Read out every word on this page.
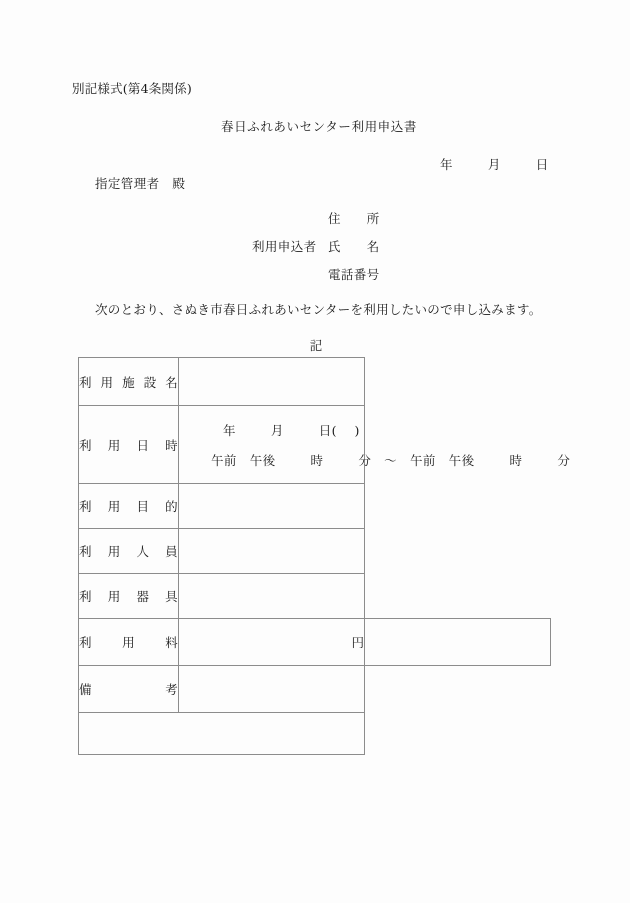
別記様式(第4条関係)
春日ふれあいセンター利用申込書
年        月        日
指定管理者　殿
住　　所
利用申込者 氏　　名
電話番号
次のとおり、さぬき市春日ふれあいセンターを利用したいので申し込みます。
記
利 用 施 設 名		

利 用 日 時

年        月        日(    )
午前　午後        時        分　～　午前　午後        時        分

利 用 目 的		

利 用 人 員		

利 用 器 具		

利 用 料	円	

備 考		
